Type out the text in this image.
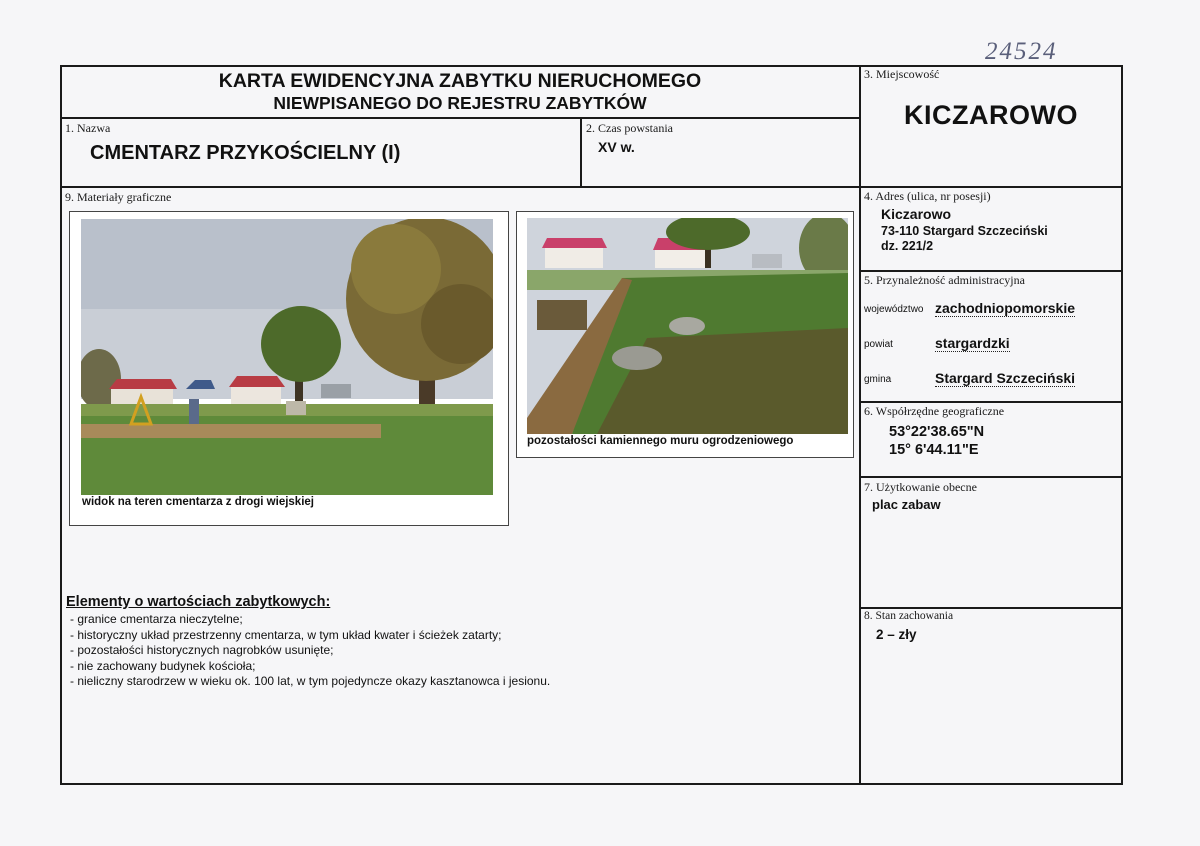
24524
KARTA EWIDENCYJNA ZABYTKU NIERUCHOMEGO
NIEWPISANEGO DO REJESTRU ZABYTKÓW
1. Nazwa
CMENTARZ PRZYKOŚCIELNY (I)
2. Czas powstania
XV w.
3. Miejscowość
KICZAROWO
9. Materiały graficzne
widok na teren cmentarza z drogi wiejskiej
pozostałości kamiennego muru ogrodzeniowego
Elementy o wartościach zabytkowych:
- granice cmentarza nieczytelne;
- historyczny układ przestrzenny cmentarza, w tym układ kwater i ścieżek zatarty;
- pozostałości historycznych nagrobków usunięte;
- nie zachowany budynek kościoła;
- nieliczny starodrzew w wieku ok. 100 lat, w tym pojedyncze okazy kasztanowca i jesionu.
4. Adres (ulica, nr posesji)
Kiczarowo
73-110 Stargard Szczeciński
dz. 221/2
5. Przynależność administracyjna
województwo zachodniopomorskie
powiat	stargardzki
gmina	Stargard Szczeciński
6. Współrzędne geograficzne
53°22'38.65"N
15° 6'44.11"E
7. Użytkowanie obecne
plac zabaw
8. Stan zachowania
2 – zły
